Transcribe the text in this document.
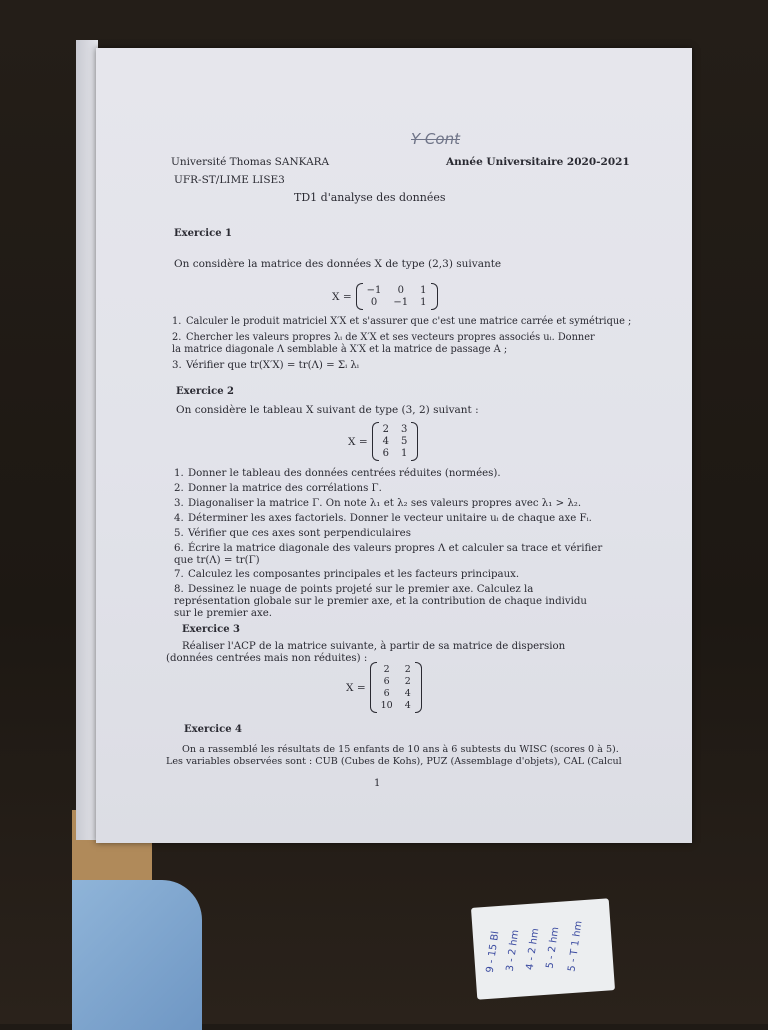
Y Cont
Université Thomas SANKARA	Année Universitaire 2020-2021
UFR-ST/LIME LISE3
TD1 d'analyse des données
Exercice 1
On considère la matrice des données X de type (2,3) suivante
X = −1	0	1
0	−1 1
1. Calculer le produit matriciel X′X et s'assurer que c'est une matrice carrée et symétrique ;
2. Chercher les valeurs propres λᵢ de X′X et ses vecteurs propres associés uᵢ. Donner la matrice diagonale Λ semblable à X′X et la matrice de passage A ;
3. Vérifier que tr(X′X) = tr(Λ) = Σᵢ λᵢ
Exercice 2
On considère le tableau X suivant de type (3, 2) suivant :
X =
2 3
4 5
6 1
1. Donner le tableau des données centrées réduites (normées).
2. Donner la matrice des corrélations Γ.
3. Diagonaliser la matrice Γ. On note λ₁ et λ₂ ses valeurs propres avec λ₁ > λ₂.
4. Déterminer les axes factoriels. Donner le vecteur unitaire uᵢ de chaque axe Fᵢ.
5. Vérifier que ces axes sont perpendiculaires
6. Écrire la matrice diagonale des valeurs propres Λ et calculer sa trace et vérifier que tr(Λ) = tr(Γ)
7. Calculez les composantes principales et les facteurs principaux.
8. Dessinez le nuage de points projeté sur le premier axe. Calculez la représentation globale sur le premier axe, et la contribution de chaque individu sur le premier axe.
Exercice 3
Réaliser l'ACP de la matrice suivante, à partir de sa matrice de dispersion (données centrées mais non réduites) :
X =
2	2
6	2
6	4
10 4
Exercice 4
On a rassemblé les résultats de 15 enfants de 10 ans à 6 subtests du WISC (scores 0 à 5).
Les variables observées sont : CUB (Cubes de Kohs), PUZ (Assemblage d'objets), CAL (Calcul
1
9 - 15 Bl 3 - 2 hm 4 - 2 hm 5 - 2 hm 5 - T 1 hm
